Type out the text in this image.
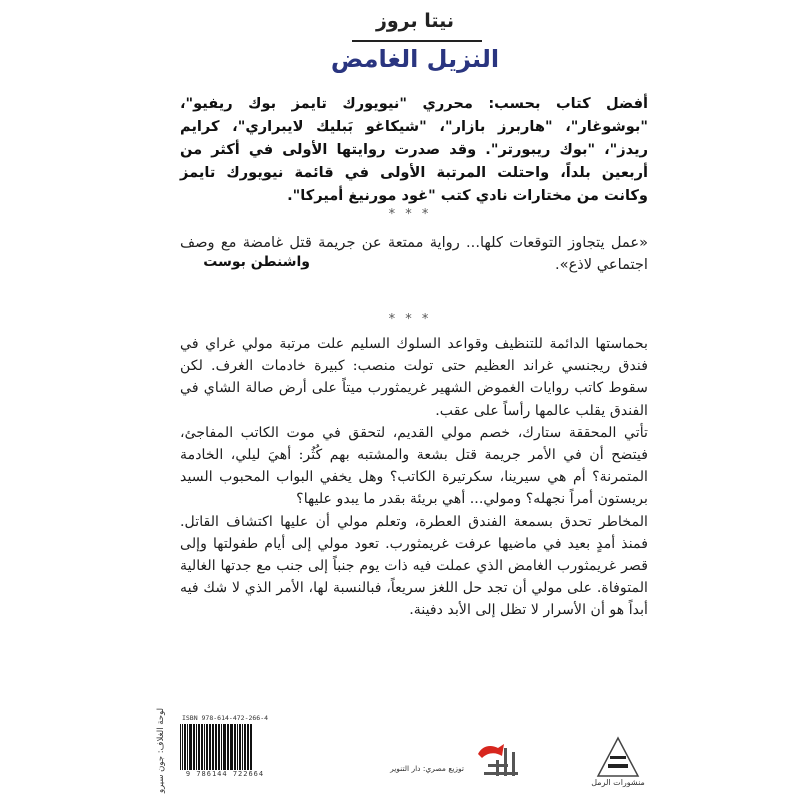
نيتا بروز
النزيل الغامض
أفضل كتاب بحسب: محرري "نيويورك تايمز بوك ريفيو"، "بوشوغار"، "هاربرز بازار"، "شيكاغو بَبليك لايبراري"، كرايم ريدز"، "بوك ريبورتر". وقد صدرت روايتها الأولى في أكثر من أربعين بلداً، واحتلت المرتبة الأولى في قائمة نيويورك تايمز وكانت من مختارات نادي كتب "غود مورنيغ أميركا".
* * *
«عمل يتجاوز التوقعات كلها... رواية ممتعة عن جريمة قتل غامضة مع وصف اجتماعي لاذع».
واشنطن بوست
* * *

بحماستها الدائمة للتنظيف وقواعد السلوك السليم علت مرتبة مولي غراي في فندق ريجنسي غراند العظيم حتى تولت منصب: كبيرة خادمات الغرف. لكن سقوط كاتب روايات الغموض الشهير غريمثورب ميتاً على أرض صالة الشاي في الفندق يقلب عالمها رأساً على عقب.

تأتي المحققة ستارك، خصم مولي القديم، لتحقق في موت الكاتب المفاجئ، فيتضح أن في الأمر جريمة قتل بشعة والمشتبه بهم كُثُر: أهيَ ليلي، الخادمة المتمرنة؟ أم هي سيرينا، سكرتيرة الكاتب؟ وهل يخفي البواب المحبوب السيد بريستون أمراً نجهله؟ ومولي... أهي بريئة بقدر ما يبدو عليها؟

المخاطر تحدق بسمعة الفندق العطرة، وتعلم مولي أن عليها اكتشاف القاتل. فمنذ أمدٍ بعيد في ماضيها عرفت غريمثورب. تعود مولي إلى أيام طفولتها وإلى قصر غريمثورب الغامض الذي عملت فيه ذات يوم جنباً إلى جنب مع جدتها الغالية المتوفاة. على مولي أن تجد حل اللغز سريعاً، فبالنسبة لها، الأمر الذي لا شك فيه أبداً هو أن الأسرار لا تظل إلى الأبد دفينة.

لوحة الغلاف: جون سيرو	ISBN 978-614-472-266-4
9 786144 722664
توزيع مصري: دار التنوير
منشورات الرمل
